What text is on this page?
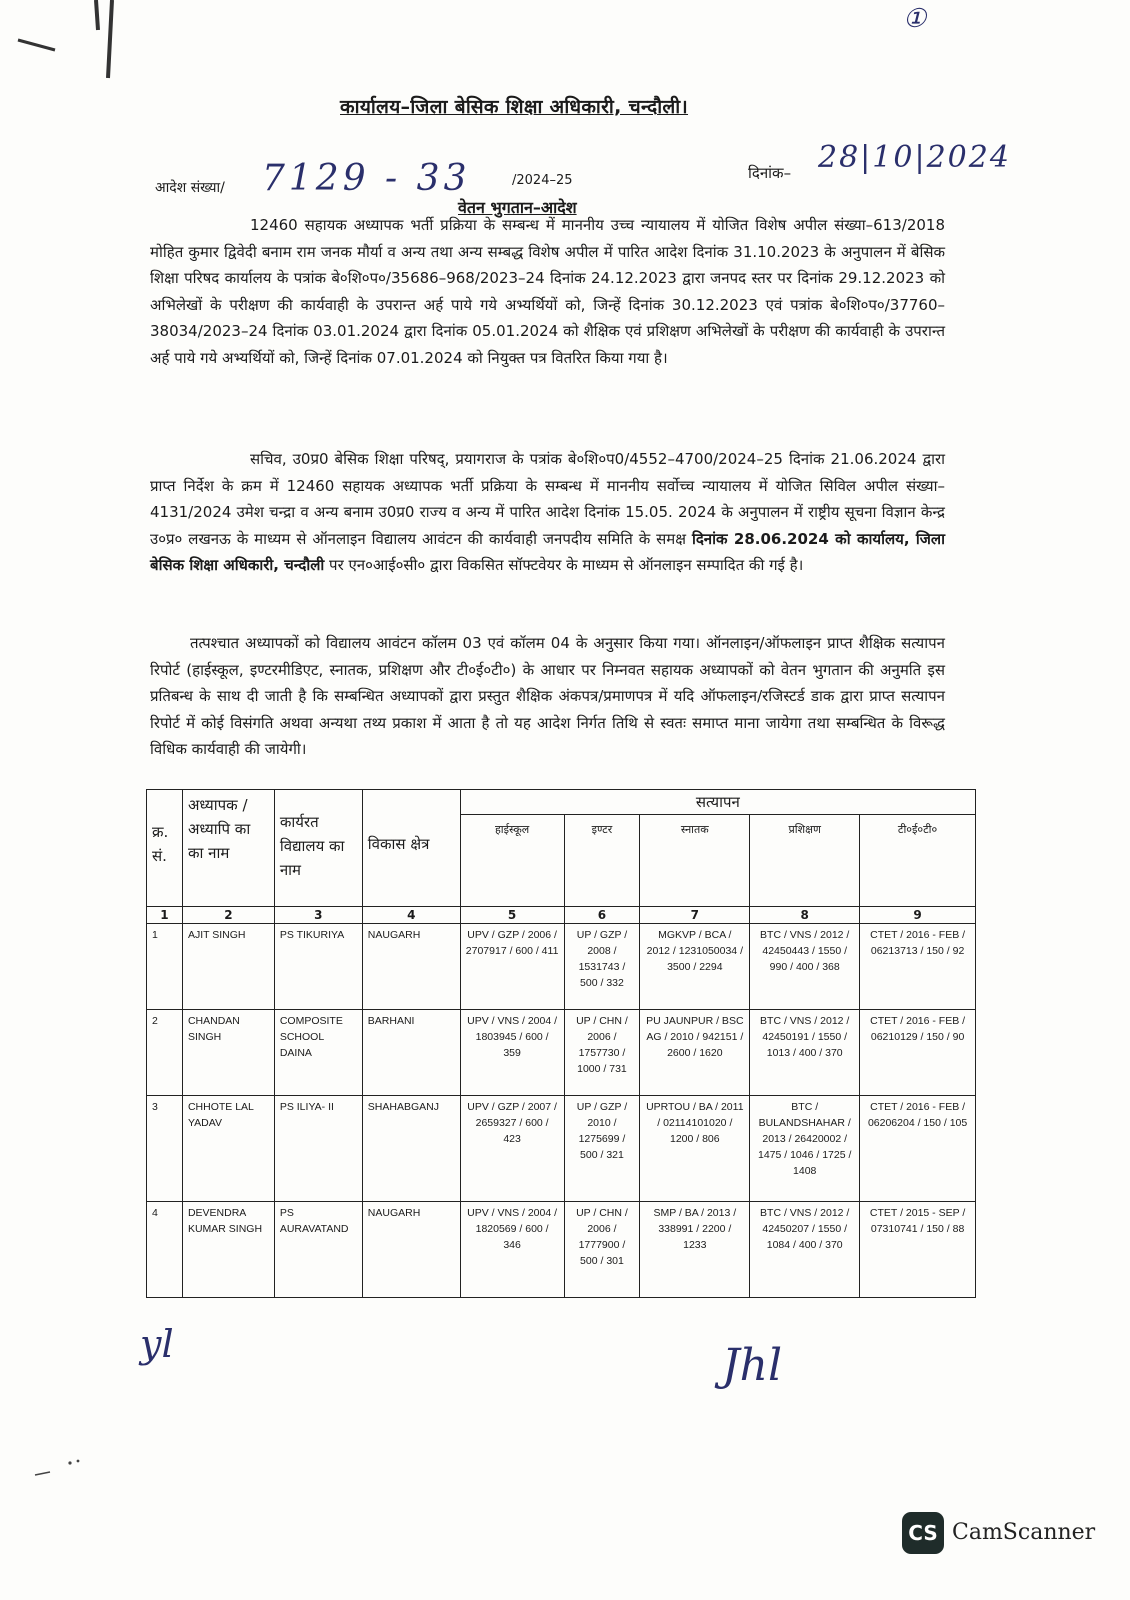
①
कार्यालय–जिला बेसिक शिक्षा अधिकारी, चन्दौली।
आदेश संख्या/ 7129 - 33	/2024–25	दिनांक– 28|10|2024
वेतन भुगतान–आदेश
12460 सहायक अध्यापक भर्ती प्रक्रिया के सम्बन्ध में माननीय उच्च न्यायालय में योजित विशेष अपील संख्या–613/2018 मोहित कुमार द्विवेदी बनाम राम जनक मौर्या व अन्य तथा अन्य सम्बद्ध विशेष अपील में पारित आदेश दिनांक 31.10.2023 के अनुपालन में बेसिक शिक्षा परिषद कार्यालय के पत्रांक बे०शि०प०/35686–968/2023–24 दिनांक 24.12.2023 द्वारा जनपद स्तर पर दिनांक 29.12.2023 को अभिलेखों के परीक्षण की कार्यवाही के उपरान्त अर्ह पाये गये अभ्यर्थियों को, जिन्हें दिनांक 30.12.2023 एवं पत्रांक बे०शि०प०/37760–38034/2023–24 दिनांक 03.01.2024 द्वारा दिनांक 05.01.2024 को शैक्षिक एवं प्रशिक्षण अभिलेखों के परीक्षण की कार्यवाही के उपरान्त अर्ह पाये गये अभ्यर्थियों को, जिन्हें दिनांक 07.01.2024 को नियुक्त पत्र वितरित किया गया है।
सचिव, उ0प्र0 बेसिक शिक्षा परिषद्, प्रयागराज के पत्रांक बे०शि०प0/4552–4700/2024–25 दिनांक 21.06.2024 द्वारा प्राप्त निर्देश के क्रम में 12460 सहायक अध्यापक भर्ती प्रक्रिया के सम्बन्ध में माननीय सर्वोच्च न्यायालय में योजित सिविल अपील संख्या–4131/2024 उमेश चन्द्रा व अन्य बनाम उ0प्र0 राज्य व अन्य में पारित आदेश दिनांक 15.05. 2024 के अनुपालन में राष्ट्रीय सूचना विज्ञान केन्द्र उ०प्र० लखनऊ के माध्यम से ऑनलाइन विद्यालय आवंटन की कार्यवाही जनपदीय समिति के समक्ष दिनांक 28.06.2024 को कार्यालय, जिला बेसिक शिक्षा अधिकारी, चन्दौली पर एन०आई०सी० द्वारा विकसित सॉफ्टवेयर के माध्यम से ऑनलाइन सम्पादित की गई है।
तत्पश्चात अध्यापकों को विद्यालय आवंटन कॉलम 03 एवं कॉलम 04 के अनुसार किया गया। ऑनलाइन/ऑफलाइन प्राप्त शैक्षिक सत्यापन रिपोर्ट (हाईस्कूल, इण्टरमीडिएट, स्नातक, प्रशिक्षण और टी०ई०टी०) के आधार पर निम्नवत सहायक अध्यापकों को वेतन भुगतान की अनुमति इस प्रतिबन्ध के साथ दी जाती है कि सम्बन्धित अध्यापकों द्वारा प्रस्तुत शैक्षिक अंकपत्र/प्रमाणपत्र में यदि ऑफलाइन/रजिस्टर्ड डाक द्वारा प्राप्त सत्यापन रिपोर्ट में कोई विसंगति अथवा अन्यथा तथ्य प्रकाश में आता है तो यह आदेश निर्गत तिथि से स्वतः समाप्त माना जायेगा तथा सम्बन्धित के विरूद्ध विधिक कार्यवाही की जायेगी।
क्र. सं.	अध्यापक /अध्यापि का का नाम	कार्यरत विद्यालय का नाम	विकास क्षेत्र	सत्यापन				
				हाईस्कूल	इण्टर	स्नातक	प्रशिक्षण	टी०ई०टी०
1	2	3	4	5	6	7	8	9
1	AJIT SINGH	PS TIKURIYA	NAUGARH	UPV / GZP / 2006 / 2707917 / 600 / 411	UP / GZP / 2008 / 1531743 / 500 / 332	MGKVP / BCA / 2012 / 1231050034 / 3500 / 2294	BTC / VNS / 2012 / 42450443 / 1550 / 990 / 400 / 368	CTET / 2016 - FEB / 06213713 / 150 / 92
2	CHANDAN SINGH	COMPOSITE SCHOOL DAINA	BARHANI	UPV / VNS / 2004 / 1803945 / 600 / 359	UP / CHN / 2006 / 1757730 / 1000 / 731	PU JAUNPUR / BSC AG / 2010 / 942151 / 2600 / 1620	BTC / VNS / 2012 / 42450191 / 1550 / 1013 / 400 / 370	CTET / 2016 - FEB / 06210129 / 150 / 90
3	CHHOTE LAL YADAV	PS ILIYA- II	SHAHABGANJ	UPV / GZP / 2007 / 2659327 / 600 / 423	UP / GZP / 2010 / 1275699 / 500 / 321	UPRTOU / BA / 2011 / 02114101020 / 1200 / 806	BTC / BULANDSHAHAR / 2013 / 26420002 / 1475 / 1046 / 1725 / 1408	CTET / 2016 - FEB / 06206204 / 150 / 105
4	DEVENDRA KUMAR SINGH	PS AURAVATAND	NAUGARH	UPV / VNS / 2004 / 1820569 / 600 / 346	UP / CHN / 2006 / 1777900 / 500 / 301	SMP / BA / 2013 / 338991 / 2200 / 1233	BTC / VNS / 2012 / 42450207 / 1550 / 1084 / 400 / 370	CTET / 2015 - SEP / 07310741 / 150 / 88
yl	Jhl
CS CamScanner
